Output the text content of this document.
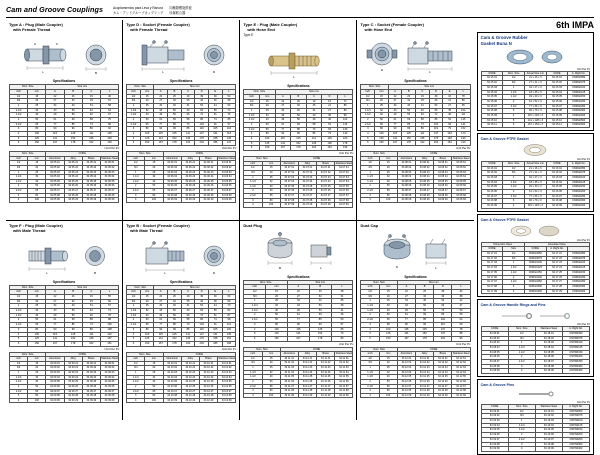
Cam and Groove Couplings	Acoplamientos para Leva y Ranura
カム・アンドグルーブカップリング
同種類螺旋鉄板
所属联合器
Type A : Plug (Male Coupler)
with Female Thread
L
A	C
B
Specifications
Nom. Size		Size mm			
inch	mm	A	B	C	L
1/2	15	22	26	19	46
3/4	20	27	32	25	51
1	25	34	40	31	58
1.1/4	32	43	50	40	64
1.1/2	40	49	56	46	67
2	50	61	69	58	75
2.1/2	65	77	85	73	86
3	80	90	99	86	92
4	100	115	125	111	105
5	125	141	152	136	118
6	150	167	178	162	130
Unit Per Pc
Nom. Size		CODE			
inch	mm	Aluminium	Alloy	Brass	Stainless Steel
1/2	15	34 05 01	34 05 21	34 05 41	34 05 61
3/4	20	34 05 02	34 05 22	34 05 42	34 05 62
1	25	34 05 03	34 05 23	34 05 43	34 05 63
1.1/4	32	34 05 04	34 05 24	34 05 44	34 05 64
1.1/2	40	34 05 05	34 05 25	34 05 45	34 05 65
2	50	34 05 06	34 05 26	34 05 46	34 05 66
2.1/2	65	34 05 07	34 05 27	34 05 47	34 05 67
3	80	34 05 08	34 05 28	34 05 48	34 05 68
4	100	34 05 09	34 05 29	34 05 49	34 05 69
Type D : Socket (Female Coupler)
with Female Thread
L	D
Specifications
Nom. Size		Size mm					
inch	mm	A	B	C	D	E	L
1/2	15	22	26	19	39	30	52
3/4	20	27	32	25	46	36	58
1	25	34	40	31	54	44	64
1.1/4	32	43	50	40	66	55	72
1.1/2	40	49	56	46	72	61	76
2	50	61	69	58	86	74	85
2.1/2	65	77	85	73	104	91	97
3	80	90	99	86	119	105	104
4	100	115	125	111	147	131	118
5	125	141	152	136	176	158	133
6	150	167	178	162	204	185	147
Unit Per Pc
Nom. Size		CODE			
inch	mm	Aluminium	Alloy	Brass	Stainless Steel
1/2	15	34 06 01	34 06 21	34 06 41	34 06 61
3/4	20	34 06 02	34 06 22	34 06 42	34 06 62
1	25	34 06 03	34 06 23	34 06 43	34 06 63
1.1/4	32	34 06 04	34 06 24	34 06 44	34 06 64
1.1/2	40	34 06 05	34 06 25	34 06 45	34 06 65
2	50	34 06 06	34 06 26	34 06 46	34 06 66
2.1/2	65	34 06 07	34 06 27	34 06 47	34 06 67
3	80	34 06 08	34 06 28	34 06 48	34 06 68
4	100	34 06 09	34 06 29	34 06 49	34 06 69
Type E : Plug (Male Coupler)
with Hose End
Type E
L
Specifications
Nom. Size		Size mm				
inch	mm	A	B	C	D	L
1/2	15	22	26	19	16	72
3/4	20	27	32	25	21	80
1	25	34	40	31	27	89
1.1/4	32	43	50	40	35	96
1.1/2	40	49	56	46	40	102
2	50	61	69	58	52	115
2.1/2	65	77	85	73	66	130
3	80	90	99	86	79	140
4	100	115	125	111	103	160
5	125	141	152	136	128	178
6	150	167	178	162	154	196
Unit Per Pc
Nom. Size		CODE			
inch	mm	Aluminium	Alloy	Brass	Stainless Steel
1/2	15	34 07 01	34 07 21	34 07 41	34 07 61
3/4	20	34 07 02	34 07 22	34 07 42	34 07 62
1	25	34 07 03	34 07 23	34 07 43	34 07 63
1.1/4	32	34 07 04	34 07 24	34 07 44	34 07 64
1.1/2	40	34 07 05	34 07 25	34 07 45	34 07 65
2	50	34 07 06	34 07 26	34 07 46	34 07 66
2.1/2	65	34 07 07	34 07 27	34 07 47	34 07 67
3	80	34 07 08	34 07 28	34 07 48	34 07 68
4	100	34 07 09	34 07 29	34 07 49	34 07 69
Type C : Socket (Female Coupler)
with Hose End
D	L
Specifications
Nom. Size		Size mm					
inch	mm	A	B	C	D	E	L
1/2	15	22	26	19	39	16	78
3/4	20	27	32	25	46	21	86
1	25	34	40	31	54	27	95
1.1/4	32	43	50	40	66	35	104
1.1/2	40	49	56	46	72	40	111
2	50	61	69	58	86	52	125
2.1/2	65	77	85	73	104	66	141
3	80	90	99	86	119	79	152
4	100	115	125	111	147	103	173
5	125	141	152	136	176	128	193
6	150	167	178	162	204	154	213
Unit Per Pc
Nom. Size		CODE			
inch	mm	Aluminium	Alloy	Brass	Stainless Steel
1/2	15	34 08 01	34 08 21	34 08 41	34 08 61
3/4	20	34 08 02	34 08 22	34 08 42	34 08 62
1	25	34 08 03	34 08 23	34 08 43	34 08 63
1.1/4	32	34 08 04	34 08 24	34 08 44	34 08 64
1.1/2	40	34 08 05	34 08 25	34 08 45	34 08 65
2	50	34 08 06	34 08 26	34 08 46	34 08 66
2.1/2	65	34 08 07	34 08 27	34 08 47	34 08 67
3	80	34 08 08	34 08 28	34 08 48	34 08 68
4	100	34 08 09	34 08 29	34 08 49	34 08 69
Type F : Plug (Male Coupler)
with Male Thread
L	B
Specifications
Nom. Size		Size mm			
inch	mm	A	B	C	L
1/2	15	22	26	19	55
3/4	20	27	32	25	60
1	25	34	40	31	67
1.1/4	32	43	50	40	74
1.1/2	40	49	56	46	78
2	50	61	69	58	88
2.1/2	65	77	85	73	100
3	80	90	99	86	108
4	100	115	125	111	122
5	125	141	152	136	137
6	150	167	178	162	151
Unit Per Pc
Nom. Size		CODE			
inch	mm	Aluminium	Alloy	Brass	Stainless Steel
1/2	15	34 09 01	34 09 21	34 09 41	34 09 61
3/4	20	34 09 02	34 09 22	34 09 42	34 09 62
1	25	34 09 03	34 09 23	34 09 43	34 09 63
1.1/4	32	34 09 04	34 09 24	34 09 44	34 09 64
1.1/2	40	34 09 05	34 09 25	34 09 45	34 09 65
2	50	34 09 06	34 09 26	34 09 46	34 09 66
2.1/2	65	34 09 07	34 09 27	34 09 47	34 09 67
3	80	34 09 08	34 09 28	34 09 48	34 09 68
4	100	34 09 09	34 09 29	34 09 49	34 09 69
Type B : Socket (Female Coupler)
with Male Thread
L	D
Specifications
Nom. Size		Size mm					
inch	mm	A	B	C	D	E	L
1/2	15	22	26	19	39	30	60
3/4	20	27	32	25	46	36	66
1	25	34	40	31	54	44	73
1.1/4	32	43	50	40	66	55	82
1.1/2	40	49	56	46	72	61	87
2	50	61	69	58	86	74	98
2.1/2	65	77	85	73	104	91	111
3	80	90	99	86	119	105	120
4	100	115	125	111	147	131	136
5	125	141	152	136	176	158	152
6	150	167	178	162	204	185	168
Unit Per Pc
Nom. Size		CODE			
inch	mm	Aluminium	Alloy	Brass	Stainless Steel
1/2	15	34 10 01	34 10 21	34 10 41	34 10 61
3/4	20	34 10 02	34 10 22	34 10 42	34 10 62
1	25	34 10 03	34 10 23	34 10 43	34 10 63
1.1/4	32	34 10 04	34 10 24	34 10 44	34 10 64
1.1/2	40	34 10 05	34 10 25	34 10 45	34 10 65
2	50	34 10 06	34 10 26	34 10 46	34 10 66
2.1/2	65	34 10 07	34 10 27	34 10 47	34 10 67
3	80	34 10 08	34 10 28	34 10 48	34 10 68
4	100	34 10 09	34 10 29	34 10 49	34 10 69
Dust Plug
B	L
Specifications
Nom. Size		Size mm		
inch	mm	A	B	L
1/2	15	22	26	28
3/4	20	27	32	31
1	25	34	40	35
1.1/4	32	43	50	39
1.1/2	40	49	56	41
2	50	61	69	46
2.1/2	65	77	85	53
3	80	90	99	57
4	100	115	125	65
5	125	141	152	73
6	150	167	178	80
Unit Per Pc
Nom. Size		CODE			
inch	mm	Aluminium	Alloy	Brass	Stainless Steel
1/2	15	34 11 01	34 11 21	34 11 41	34 11 61
3/4	20	34 11 02	34 11 22	34 11 42	34 11 62
1	25	34 11 03	34 11 23	34 11 43	34 11 63
1.1/4	32	34 11 04	34 11 24	34 11 44	34 11 64
1.1/2	40	34 11 05	34 11 25	34 11 45	34 11 65
2	50	34 11 06	34 11 26	34 11 46	34 11 66
2.1/2	65	34 11 07	34 11 27	34 11 47	34 11 67
3	80	34 11 08	34 11 28	34 11 48	34 11 68
4	100	34 11 09	34 11 29	34 11 49	34 11 69
Dust Cap
D	L
Specifications
Nom. Size		Size mm			
inch	mm	A	B	D	L
1/2	15	22	26	39	34
3/4	20	27	32	46	38
1	25	34	40	54	42
1.1/4	32	43	50	66	47
1.1/2	40	49	56	72	50
2	50	61	69	86	56
2.1/2	65	77	85	104	64
3	80	90	99	119	69
4	100	115	125	147	78
5	125	141	152	176	88
6	150	167	178	204	96
Unit Per Pc
Nom. Size		CODE			
inch	mm	Aluminium	Alloy	Brass	Stainless Steel
1/2	15	34 12 01	34 12 21	34 12 41	34 12 61
3/4	20	34 12 02	34 12 22	34 12 42	34 12 62
1	25	34 12 03	34 12 23	34 12 43	34 12 63
1.1/4	32	34 12 04	34 12 24	34 12 44	34 12 64
1.1/2	40	34 12 05	34 12 25	34 12 45	34 12 65
2	50	34 12 06	34 12 26	34 12 46	34 12 66
2.1/2	65	34 12 07	34 12 27	34 12 47	34 12 67
3	80	34 12 08	34 12 28	34 12 48	34 12 68
4	100	34 12 09	34 12 29	34 12 49	34 12 69
6th IMPA
Cam & Groove Rubber
Gasket Buna N
Unit Per Pc
CODE	Nom. Size	Actual Size mm	CODE	A. Right No.
34 15 01	1/2	21 x 16 x 3	34 15 01	CNRG0050
34 15 02	3/4	27 x 21 x 3	34 15 02	CNRG0075
34 15 03	1	34 x 27 x 3	34 15 03	CNRG0100
34 15 04	1.1/4	43 x 35 x 3	34 15 04	CNRG0125
34 15 05	1.1/2	49 x 40 x 3	34 15 05	CNRG0150
34 15 06	2	61 x 52 x 3	34 15 06	CNRG0200
34 15 07	2.1/2	77 x 66 x 3	34 15 07	CNRG0250
34 15 08	3	90 x 79 x 3	34 15 08	CNRG0300
34 15 09	4	115 x 103 x 3	34 15 09	CNRG0400
34 15 10	5	141 x 128 x 3	34 15 10	CNRG0500
34 15 11	6	167 x 154 x 3	34 15 11	CNRG0600
Cam & Groove PTFE Gasket
Unit Per Pc
CODE	Nom. Size	Actual Size mm	CODE	A. Right No.
34 16 01	1/2	21 x 16 x 3	34 16 01	CNRG0050
34 16 02	3/4	27 x 21 x 3	34 16 02	CNRG0075
34 16 03	1	34 x 27 x 3	34 16 03	CNRG0100
34 16 04	1.1/4	43 x 35 x 3	34 16 04	CNRG0125
34 16 05	1.1/2	49 x 40 x 3	34 16 05	CNRG0150
34 16 06	2	61 x 52 x 3	34 16 06	CNRG0200
34 16 07	2.1/2	77 x 66 x 3	34 16 07	CNRG0250
34 16 08	3	90 x 79 x 3	34 16 08	CNRG0300
34 16 09	4	115 x 103 x 3	34 16 09	CNRG0400
Cam & Groove PTFE Gasket
Unit Per Pc
Dimension Open		Envelope Close		
CODE	Size	CODE	A. Right No.	
34 17 01	1/2	CNRG0050	34 17 21	CNRG0050
34 17 02	3/4	CNRG0075	34 17 22	CNRG0075
34 17 03	1	CNRG0100	34 17 23	CNRG0100
34 17 04	1.1/4	CNRG0125	34 17 24	CNRG0125
34 17 05	1.1/2	CNRG0150	34 17 25	CNRG0150
34 17 06	2	CNRG0200	34 17 26	CNRG0200
34 17 07	2.1/2	CNRG0250	34 17 27	CNRG0250
34 17 08	3	CNRG0300	34 17 28	CNRG0300
34 17 09	4	CNRG0400	34 17 29	CNRG0400
Cam & Groove Handle Rings and Pins
Unit Per Pc
CODE	Nom. Size	Stainless Steel	A. Right No.
34 18 01	1/2	34 18 01	CNHR0050
34 18 02	3/4	34 18 02	CNHR0075
34 18 03	1	34 18 03	CNHR0100
34 18 04	1.1/4	34 18 04	CNHR0125
34 18 05	1.1/2	34 18 05	CNHR0150
34 18 06	2	34 18 06	CNHR0200
34 18 07	2.1/2	34 18 07	CNHR0250
34 18 08	3	34 18 08	CNHR0300
34 18 09	4	34 18 09	CNHR0400
Cam & Groove Pins
Unit Per Pc
CODE	Nom. Size	Stainless Steel	A. Right No.
34 19 01	1/2	34 19 01	CNPN0050
34 19 02	3/4	34 19 02	CNPN0075
34 19 03	1	34 19 03	CNPN0100
34 19 04	1.1/4	34 19 04	CNPN0125
34 19 05	1.1/2	34 19 05	CNPN0150
34 19 06	2	34 19 06	CNPN0200
34 19 07	2.1/2	34 19 07	CNPN0250
34 19 08	3	34 19 08	CNPN0300
34 19 09	4	34 19 09	CNPN0400
